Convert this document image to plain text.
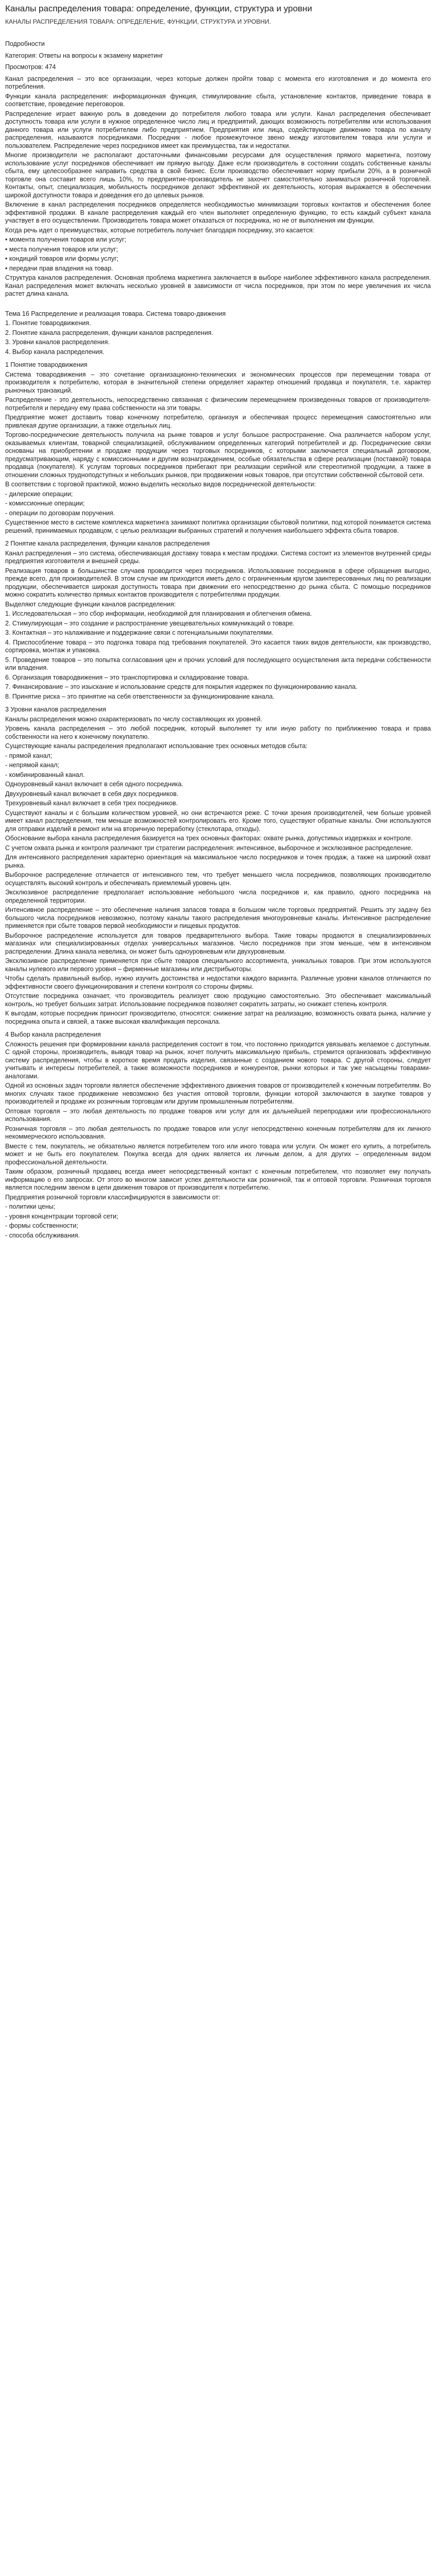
Каналы распределения товара: определение, функции, структура и уровни
КАНАЛЫ РАСПРЕДЕЛЕНИЯ ТОВАРА: ОПРЕДЕЛЕНИЕ, ФУНКЦИИ, СТРУКТУРА И УРОВНИ.

Подробности

Категория: Ответы на вопросы к экзамену маркетинг

Просмотров: 474

Канал распределения – это все организации, через которые должен пройти товар с момента его изготовления и до момента его потребления.

Функции канала распределения: информационная функция, стимулирование сбыта, установление контактов, приведение товара в соответствие, проведение переговоров.

Распределение играет важную роль в доведении до потребителя любого товара или услуги. Канал распределения обеспечивает доступность товара или услуги в нужное определенное число лиц и предприятий, дающих возможность потребителям или использования данного товара или услуги потребителем либо предприятием. Предприятия или лица, содействующие движению товара по каналу распределения, называются посредниками. Посредник - любое промежуточное звено между изготовителем товара или услуги и пользователем. Распределение через посредников имеет как преимущества, так и недостатки.

Многие производители не располагают достаточными финансовыми ресурсами для осуществления прямого маркетинга, поэтому использование услуг посредников обеспечивает им прямую выгоду. Даже если производитель в состоянии создать собственные каналы сбыта, ему целесообразнее направить средства в свой бизнес. Если производство обеспечивает норму прибыли 20%, а в розничной торговле она составит всего лишь 10%, то предприятие-производитель не захочет самостоятельно заниматься розничной торговлей. Контакты, опыт, специализация, мобильность посредников делают эффективной их деятельность, которая выражается в обеспечении широкой доступности товара и доведения его до целевых рынков.

Включение в канал распределения посредников определяется необходимостью минимизации торговых контактов и обеспечения более эффективной продажи. В канале распределения каждый его член выполняет определенную функцию, то есть каждый субъект канала участвует в его осуществлении. Производитель товара может отказаться от посредника, но не от выполнения им функции.

Когда речь идет о преимуществах, которые потребитель получает благодаря посреднику, это касается:

• момента получения товаров или услуг;

• места получения товаров или услуг;

• кондиций товаров или формы услуг;

• передачи прав владения на товар.

Структура каналов распределения. Основная проблема маркетинга заключается в выборе наиболее эффективного канала распределения. Канал распределения может включать несколько уровней в зависимости от числа посредников, при этом по мере увеличения их числа растет длина канала.

Тема 16 Распределение и реализация товара. Система товаро-движения

1. Понятие товародвижения.

2. Понятие канала распределения, функции каналов распределения.

3. Уровни каналов распределения.

4. Выбор канала распределения.

1 Понятие товародвижения

Система товародвижения – это сочетание организационно-технических и экономических процессов при перемещении товара от производителя к потребителю, которая в значительной степени определяет характер отношений продавца и покупателя, т.е. характер рыночных транзакций.

Распределение - это деятельность, непосредственно связанная с физическим перемещением произведенных товаров от производителя-потребителя и передачу ему права собственности на эти товары.

Предприятие может доставить товар конечному потребителю, организуя и обеспечивая процесс перемещения самостоятельно или привлекая другие организации, а также отдельных лиц.

Торгово-посреднические деятельность получила на рынке товаров и услуг большое распространение. Она различается набором услуг, оказываемых клиентам, товарной специализацией, обслуживанием определенных категорий потребителей и др. Посреднические связи основаны на приобретении и продаже продукции через торговых посредников, с которыми заключается специальный договором, предусматривающим, наряду с комиссионными и другим вознаграждением, особые обязательства в сфере реализации (поставкой) товара продавца (покупателя). К услугам торговых посредников прибегают при реализации серийной или стереотипной продукции, а также в отношении сложных трудноподступных и небольших рынков, при продвижении новых товаров, при отсутствии собственной сбытовой сети.

В соответствии с торговой практикой, можно выделить несколько видов посреднической деятельности:

- дилерские операции;

- комиссионные операции;

- операции по договорам поручения.

Существенное место в системе комплекса маркетинга занимают политика организации сбытовой политики, под которой понимается система решений, принимаемых продавцом, с целью реализации выбранных стратегий и получения наибольшего эффекта сбыта товаров.

2 Понятие канала распределения, функции каналов распределения

Канал распределения – это система, обеспечивающая доставку товара к местам продажи. Система состоит из элементов внутренней среды предприятия изготовителя и внешней среды.

Реализация товаров в большинстве случаев проводится через посредников. Использование посредников в сфере обращения выгодно, прежде всего, для производителей. В этом случае им приходится иметь дело с ограниченным кругом заинтересованных лиц по реализации продукции, обеспечивается широкая доступность товара при движении его непосредственно до рынка сбыта. С помощью посредников можно сократить количество прямых контактов производителя с потребителями продукции.

Выделяют следующие функции каналов распределения:

1. Исследовательская – это сбор информации, необходимой для планирования и облегчения обмена.

2. Стимулирующая – это создание и распространение увещевательных коммуникаций о товаре.

3. Контактная – это налаживание и поддержание связи с потенциальными покупателями.

4. Приспособление товара – это подгонка товара под требования покупателей. Это касается таких видов деятельности, как производство, сортировка, монтаж и упаковка.

5. Проведение товаров – это попытка согласования цен и прочих условий для последующего осуществления акта передачи собственности или владения.

6. Организация товародвижения – это транспортировка и складирование товара.

7. Финансирование – это изыскание и использование средств для покрытия издержек по функционированию канала.

8. Принятие риска – это принятие на себя ответственности за функционирование канала.

3 Уровни каналов распределения

Каналы распределения можно охарактеризовать по числу составляющих их уровней.

Уровень канала распределения – это любой посредник, который выполняет ту или иную работу по приближению товара и права собственности на него к конечному покупателю.

Существующие каналы распределения предполагают использование трех основных методов сбыта:

- прямой канал;

- непрямой канал;

- комбинированный канал.

Одноуровневый канал включает в себя одного посредника.

Двухуровневый канал включает в себя двух посредников.

Трехуровневый канал включает в себя трех посредников.

Существуют каналы и с большим количеством уровней, но они встречаются реже. С точки зрения производителей, чем больше уровней имеет канал распределения, тем меньше возможностей контролировать его. Кроме того, существуют обратные каналы. Они используются для отправки изделий в ремонт или на вторичную переработку (стеклотара, отходы).

Обоснование выбора канала распределения базируется на трех основных факторах: охвате рынка, допустимых издержках и контроле.

С учетом охвата рынка и контроля различают три стратегии распределения: интенсивное, выборочное и эксклюзивное распределение.

Для интенсивного распределения характерно ориентация на максимальное число посредников и точек продаж, а также на широкий охват рынка.

Выборочное распределение отличается от интенсивного тем, что требует меньшего числа посредников, позволяющих производителю осуществлять высокий контроль и обеспечивать приемлемый уровень цен.

Эксклюзивное распределение предполагает использование небольшого числа посредников и, как правило, одного посредника на определенной территории.

Интенсивное распределение – это обеспечение наличия запасов товара в большом числе торговых предприятий. Решить эту задачу без большого числа посредников невозможно, поэтому каналы такого распределения многоуровневые каналы. Интенсивное распределение применяется при сбыте товаров первой необходимости и пищевых продуктов.

Выборочное распределение используется для товаров предварительного выбора. Такие товары продаются в специализированных магазинах или специализированных отделах универсальных магазинов. Число посредников при этом меньше, чем в интенсивном распределении. Длина канала невелика, он может быть одноуровневым или двухуровневым.

Эксклюзивное распределение применяется при сбыте товаров специального ассортимента, уникальных товаров. При этом используются каналы нулевого или первого уровня – фирменные магазины или дистрибьюторы.

Чтобы сделать правильный выбор, нужно изучить достоинства и недостатки каждого варианта. Различные уровни каналов отличаются по эффективности своего функционирования и степени контроля со стороны фирмы.

Отсутствие посредника означает, что производитель реализует свою продукцию самостоятельно. Это обеспечивает максимальный контроль, но требует больших затрат. Использование посредников позволяет сократить затраты, но снижает степень контроля.

К выгодам, которые посредник приносит производителю, относятся: снижение затрат на реализацию, возможность охвата рынка, наличие у посредника опыта и связей, а также высокая квалификация персонала.

4 Выбор канала распределения

Сложность решения при формировании канала распределения состоит в том, что постоянно приходится увязывать желаемое с доступным. С одной стороны, производитель, выводя товар на рынок, хочет получить максимальную прибыль, стремится организовать эффективную систему распределения, чтобы в короткое время продать изделия, связанные с созданием нового товара. С другой стороны, следует учитывать и интересы потребителей, а также возможности посредников и конкурентов, рынки которых и так уже насыщены товарами-аналогами.

Одной из основных задач торговли является обеспечение эффективного движения товаров от производителей к конечным потребителям. Во многих случаях такое продвижение невозможно без участия оптовой торговли, функции которой заключаются в закупке товаров у производителей и продаже их розничным торговцам или другим промышленным потребителям.

Оптовая торговля – это любая деятельность по продаже товаров или услуг для их дальнейшей перепродажи или профессионального использования.

Розничная торговля – это любая деятельность по продаже товаров или услуг непосредственно конечным потребителям для их личного некоммерческого использования.

Вместе с тем, покупатель, не обязательно является потребителем того или иного товара или услуги. Он может его купить, а потребитель может и не быть его покупателем. Покупка всегда для одних является их личным делом, а для других – определенным видом профессиональной деятельности.

Таким образом, розничный продавец всегда имеет непосредственный контакт с конечным потребителем, что позволяет ему получать информацию о его запросах. От этого во многом зависит успех деятельности как розничной, так и оптовой торговли. Розничная торговля является последним звеном в цепи движения товаров от производителя к потребителю.

Предприятия розничной торговли классифицируются в зависимости от:

- политики цены;

- уровня концентрации торговой сети;

- формы собственности;

- способа обслуживания.
